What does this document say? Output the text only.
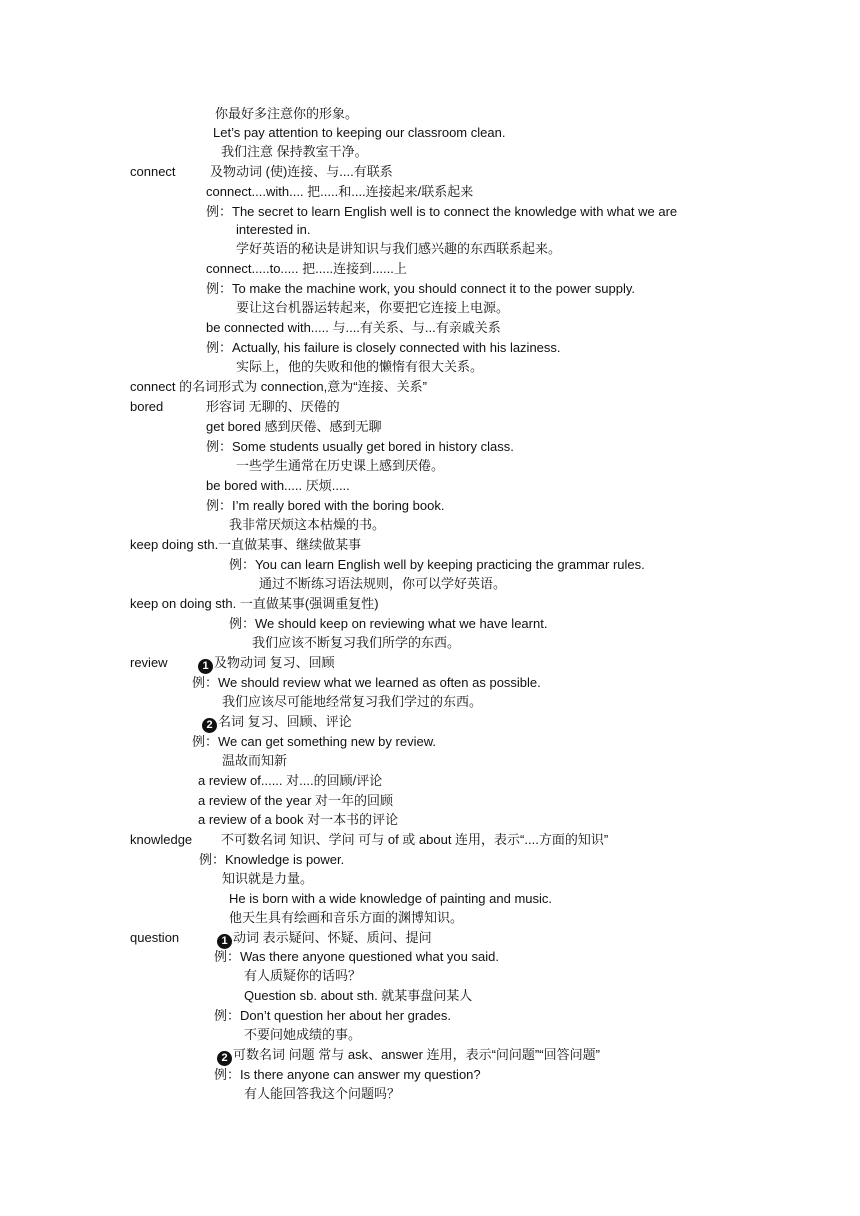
你最好多注意你的形象。
Let’s pay attention to keeping our classroom clean.
我们注意 保持教室干净。
connect	及物动词 (使)连接、与....有联系
connect....with.... 把.....和....连接起来/联系起来
例：The secret to learn English well is to connect the knowledge with what we are
interested in.
学好英语的秘诀是讲知识与我们感兴趣的东西联系起来。
connect.....to..... 把.....连接到......上
例：To make the machine work, you should connect it to the power supply.
要让这台机器运转起来，你要把它连接上电源。
be connected with..... 与....有关系、与...有亲戚关系
例：Actually, his failure is closely connected with his laziness.
实际上，他的失败和他的懒惰有很大关系。
connect 的名词形式为 connection,意为“连接、关系”
bored	形容词 无聊的、厌倦的
get bored 感到厌倦、感到无聊
例：Some students usually get bored in history class.
一些学生通常在历史课上感到厌倦。
be bored with..... 厌烦.....
例：I’m really bored with the boring book.
我非常厌烦这本枯燥的书。
keep doing sth.一直做某事、继续做某事
例：You can learn English well by keeping practicing the grammar rules.
通过不断练习语法规则，你可以学好英语。
keep on doing sth. 一直做某事(强调重复性)
例：We should keep on reviewing what we have learnt.
我们应该不断复习我们所学的东西。
review	1 及物动词 复习、回顾
例：We should review what we learned as often as possible.
我们应该尽可能地经常复习我们学过的东西。
2 名词 复习、回顾、评论
例：We can get something new by review.
温故而知新
a review of...... 对....的回顾/评论
a review of the year 对一年的回顾
a review of a book 对一本书的评论
knowledge 不可数名词 知识、学问 可与 of 或 about 连用，表示“....方面的知识”
例：Knowledge is power.
知识就是力量。
He is born with a wide knowledge of painting and music.
他天生具有绘画和音乐方面的渊博知识。
question	1 动词 表示疑问、怀疑、质问、提问
例：Was there anyone questioned what you said.
有人质疑你的话吗？
Question sb. about sth. 就某事盘问某人
例：Don’t question her about her grades.
不要问她成绩的事。
2 可数名词 问题 常与 ask、answer 连用，表示“问问题”“回答问题”
例：Is there anyone can answer my question?
有人能回答我这个问题吗？
